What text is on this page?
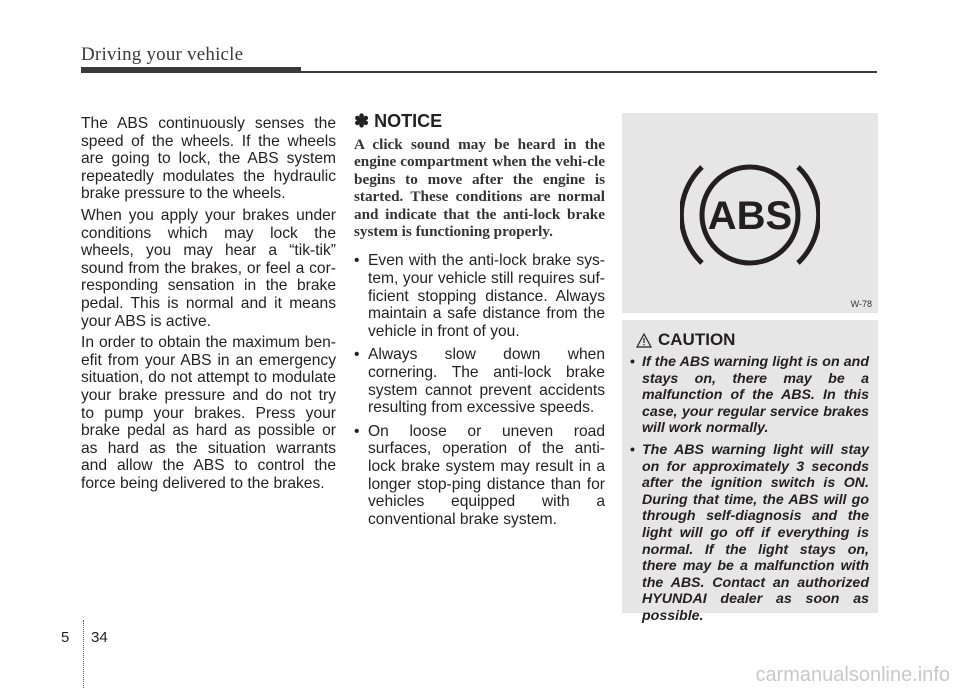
Driving your vehicle

The ABS continuously senses the speed of the wheels. If the wheels are going to lock, the ABS system repeatedly modulates the hydraulic brake pressure to the wheels.

When you apply your brakes under conditions which may lock the wheels, you may hear a “tik-tik” sound from the brakes, or feel a cor-responding sensation in the brake pedal. This is normal and it means your ABS is active.

In order to obtain the maximum ben-efit from your ABS in an emergency situation, do not attempt to modulate your brake pressure and do not try to pump your brakes. Press your brake pedal as hard as possible or as hard as the situation warrants and allow the ABS to control the force being delivered to the brakes.

✽ NOTICE
A click sound may be heard in the engine compartment when the vehi-cle begins to move after the engine is started. These conditions are normal and indicate that the anti-lock brake system is functioning properly.
• Even with the anti-lock brake sys-tem, your vehicle still requires suf-ficient stopping distance. Always maintain a safe distance from the vehicle in front of you.
• Always slow down when cornering. The anti-lock brake system cannot prevent accidents resulting from excessive speeds.
• On loose or uneven road surfaces, operation of the anti-lock brake system may result in a longer stop-ping distance than for vehicles equipped with a conventional brake system.
ABS
W-78
CAUTION
• If the ABS warning light is on and stays on, there may be a malfunction of the ABS. In this case, your regular service brakes will work normally.
• The ABS warning light will stay on for approximately 3 seconds after the ignition switch is ON. During that time, the ABS will go through self-diagnosis and the light will go off if everything is normal. If the light stays on, there may be a malfunction with the ABS. Contact an authorized HYUNDAI dealer as soon as possible.
5 34
carmanualsonline.info
